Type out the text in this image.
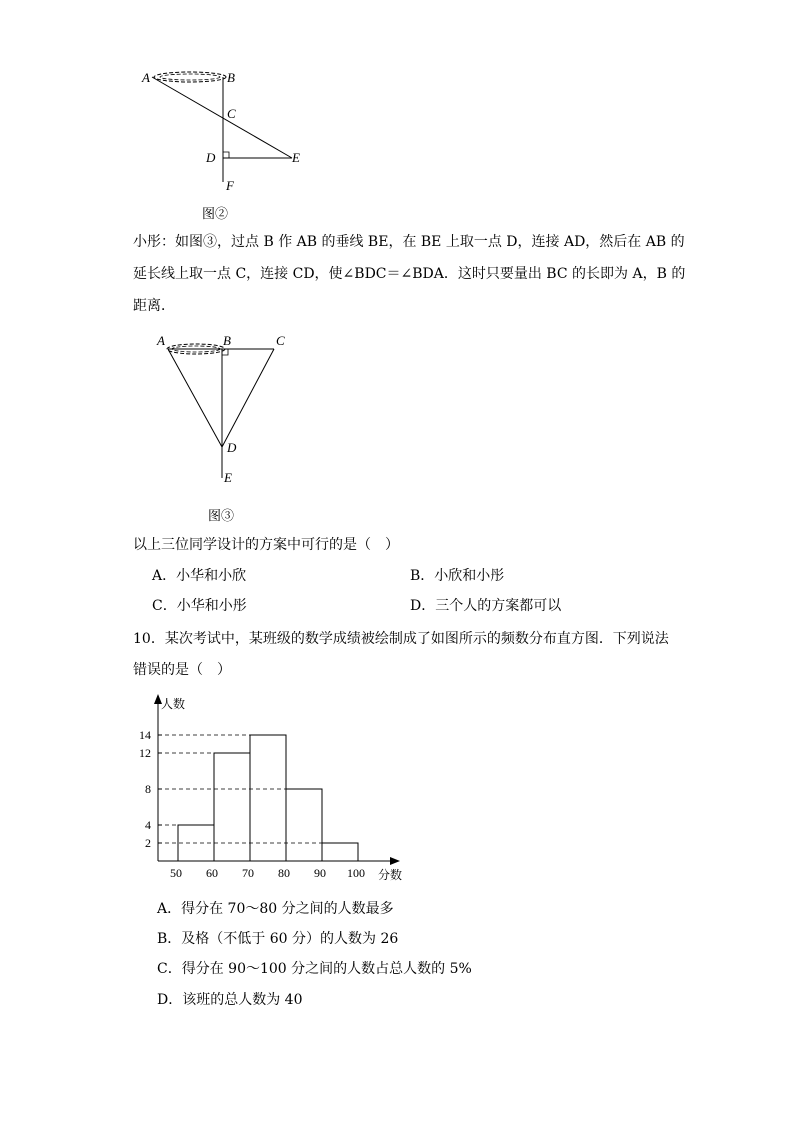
A	B
C
D	E
F
图②
小彤：如图③，过点 B 作 AB 的垂线 BE，在 BE 上取一点 D，连接 AD，然后在 AB 的
延长线上取一点 C，连接 CD，使∠BDC＝∠BDA．这时只要量出 BC 的长即为 A，B 的
距离．
A	B	C
D
E
图③
以上三位同学设计的方案中可行的是（　）
A．小华和小欣	B．小欣和小彤
C．小华和小彤	D．三个人的方案都可以
10．某次考试中，某班级的数学成绩被绘制成了如图所示的频数分布直方图．下列说法
错误的是（　）
2
4
8
12
14
50 60 70 80 90 100
人数
分数
A．得分在 70～80 分之间的人数最多
B．及格（不低于 60 分）的人数为 26
C．得分在 90～100 分之间的人数占总人数的 5%
D．该班的总人数为 40
